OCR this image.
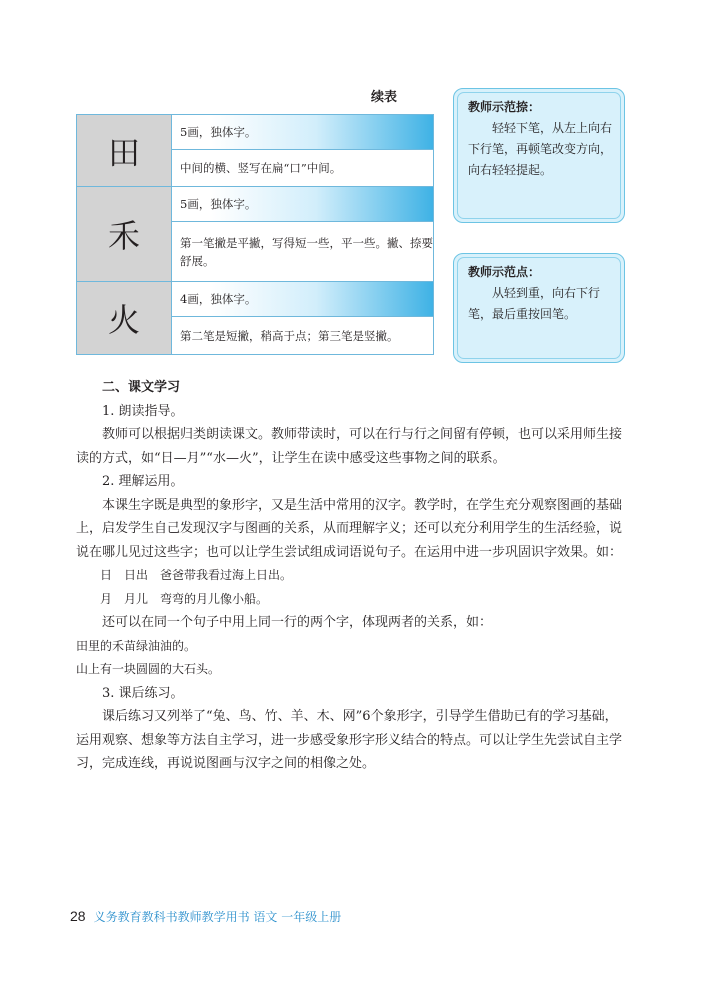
续表
田
5画，独体字。
中间的横、竖写在扁“口”中间。
禾
5画，独体字。
第一笔撇是平撇，写得短一些，平一些。撇、捺要舒展。
火
4画，独体字。
第二笔是短撇，稍高于点；第三笔是竖撇。
教师示范捺：
轻轻下笔，从左上向右下行笔，再顿笔改变方向，向右轻轻提起。
教师示范点：
从轻到重，向右下行笔，最后重按回笔。

二、课文学习

1. 朗读指导。

教师可以根据归类朗读课文。教师带读时，可以在行与行之间留有停顿，也可以采用师生接读的方式，如“日—月”“水—火”，让学生在读中感受这些事物之间的联系。

2. 理解运用。

本课生字既是典型的象形字，又是生活中常用的汉字。教学时，在学生充分观察图画的基础上，启发学生自己发现汉字与图画的关系，从而理解字义；还可以充分利用学生的生活经验，说说在哪儿见过这些字；也可以让学生尝试组成词语说句子。在运用中进一步巩固识字效果。如：

日　日出　爸爸带我看过海上日出。

月　月儿　弯弯的月儿像小船。

还可以在同一个句子中用上同一行的两个字，体现两者的关系，如：

田里的禾苗绿油油的。

山上有一块圆圆的大石头。

3. 课后练习。

课后练习又列举了“兔、鸟、竹、羊、木、网”6个象形字，引导学生借助已有的学习基础，运用观察、想象等方法自主学习，进一步感受象形字形义结合的特点。可以让学生先尝试自主学习，完成连线，再说说图画与汉字之间的相像之处。

28 义务教育教科书教师教学用书 语文 一年级上册
